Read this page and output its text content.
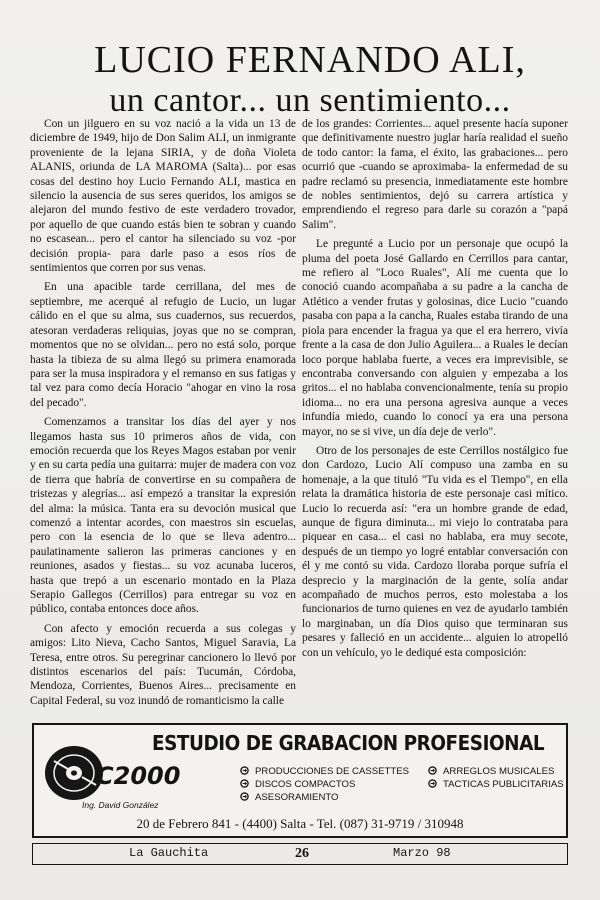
LUCIO FERNANDO ALI,
un cantor... un sentimiento...

Con un jilguero en su voz nació a la vida un 13 de diciembre de 1949, hijo de Don Salim ALI, un inmigrante proveniente de la lejana SIRIA, y de doña Violeta ALANIS, oriunda de LA MAROMA (Salta)... por esas cosas del destino hoy Lucio Fernando ALI, mastica en silencio la ausencia de sus seres queridos, los amigos se alejaron del mundo festivo de este verdadero trovador, por aquello de que cuando estás bien te sobran y cuando no escasean... pero el cantor ha silenciado su voz -por decisión propia- para darle paso a esos ríos de sentimientos que corren por sus venas.

En una apacible tarde cerrillana, del mes de septiembre, me acerqué al refugio de Lucio, un lugar cálido en el que su alma, sus cuadernos, sus recuerdos, atesoran verdaderas reliquias, joyas que no se compran, momentos que no se olvidan... pero no está solo, porque hasta la tibieza de su alma llegó su primera enamorada para ser la musa inspiradora y el remanso en sus fatigas y tal vez para como decía Horacio "ahogar en vino la rosa del pecado".

Comenzamos a transitar los días del ayer y nos llegamos hasta sus 10 primeros años de vida, con emoción recuerda que los Reyes Magos estaban por venir y en su carta pedía una guitarra: mujer de madera con voz de tierra que habría de convertirse en su compañera de tristezas y alegrías... así empezó a transitar la expresión del alma: la música. Tanta era su devoción musical que comenzó a intentar acordes, con maestros sin escuelas, pero con la esencia de lo que se lleva adentro... paulatinamente salieron las primeras canciones y en reuniones, asados y fiestas... su voz acunaba luceros, hasta que trepó a un escenario montado en la Plaza Serapio Gallegos (Cerrillos) para entregar su voz en público, contaba entonces doce años.

Con afecto y emoción recuerda a sus colegas y amigos: Lito Nieva, Cacho Santos, Miguel Saravia, La Teresa, entre otros. Su peregrinar cancionero lo llevó por distintos escenarios del país: Tucumán, Córdoba, Mendoza, Corrientes, Buenos Aires... precisamente en Capital Federal, su voz inundó de romanticismo la calle

de los grandes: Corrientes... aquel presente hacía suponer que definitivamente nuestro juglar haría realidad el sueño de todo cantor: la fama, el éxito, las grabaciones... pero ocurrió que -cuando se aproximaba- la enfermedad de su padre reclamó su presencia, inmediatamente este hombre de nobles sentimientos, dejó su carrera artística y emprendiendo el regreso para darle su corazón a "papá Salim".

Le pregunté a Lucio por un personaje que ocupó la pluma del poeta José Gallardo en Cerrillos para cantar, me refiero al "Loco Ruales", Alí me cuenta que lo conoció cuando acompañaba a su padre a la cancha de Atlético a vender frutas y golosinas, dice Lucio "cuando pasaba con papa a la cancha, Ruales estaba tirando de una piola para encender la fragua ya que el era herrero, vivía frente a la casa de don Julio Aguilera... a Ruales le decían loco porque hablaba fuerte, a veces era imprevisible, se encontraba conversando con alguien y empezaba a los gritos... el no hablaba convencionalmente, tenía su propio idioma... no era una persona agresiva aunque a veces infundía miedo, cuando lo conocí ya era una persona mayor, no se si vive, un día deje de verlo".

Otro de los personajes de este Cerrillos nostálgico fue don Cardozo, Lucio Alí compuso una zamba en su homenaje, a la que tituló "Tu vida es el Tiempo", en ella relata la dramática historia de este personaje casi mítico. Lucio lo recuerda así: "era un hombre grande de edad, aunque de figura diminuta... mi viejo lo contrataba para piquear en casa... el casi no hablaba, era muy secote, después de un tiempo yo logré entablar conversación con él y me contó su vida. Cardozo lloraba porque sufría el desprecio y la marginación de la gente, solía andar acompañado de muchos perros, esto molestaba a los funcionarios de turno quienes en vez de ayudarlo también lo marginaban, un día Dios quiso que terminaran sus pesares y falleció en un accidente... alguien lo atropelló con un vehículo, yo le dediqué esta composición:

C2000
Ing. David González
ESTUDIO DE GRABACION PROFESIONAL
PRODUCCIONES DE CASSETTES
DISCOS COMPACTOS
ASESORAMIENTO
ARREGLOS MUSICALES
TACTICAS PUBLICITARIAS
20 de Febrero 841 - (4400) Salta - Tel. (087) 31-9719 / 310948
La Gauchita	26	Marzo 98
